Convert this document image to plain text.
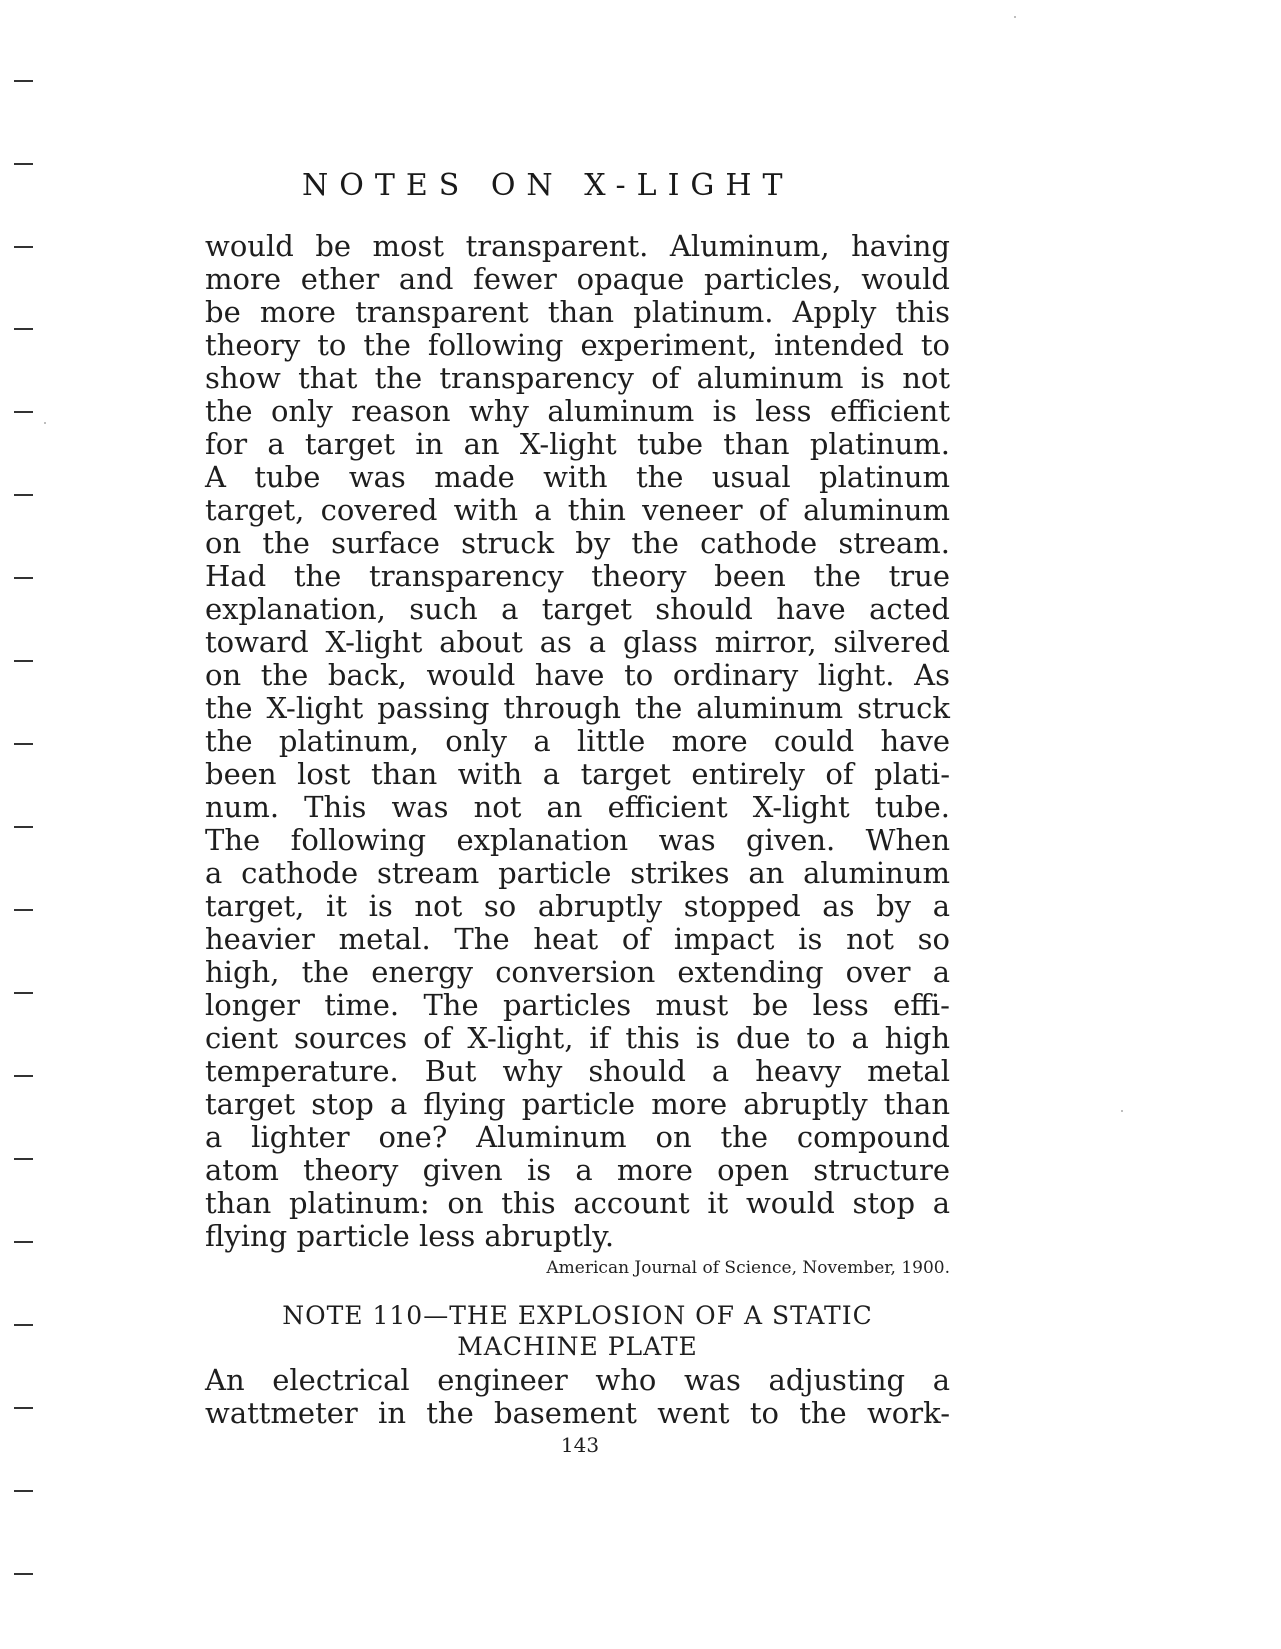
NOTES ON X-LIGHT
would be most transparent. Aluminum, having
more ether and fewer opaque particles, would
be more transparent than platinum. Apply this
theory to the following experiment, intended to
show that the transparency of aluminum is not
the only reason why aluminum is less efficient
for a target in an X-light tube than platinum.
A tube was made with the usual platinum
target, covered with a thin veneer of aluminum
on the surface struck by the cathode stream.
Had the transparency theory been the true
explanation, such a target should have acted
toward X-light about as a glass mirror, silvered
on the back, would have to ordinary light. As
the X-light passing through the aluminum struck
the platinum, only a little more could have
been lost than with a target entirely of plati-
num. This was not an efficient X-light tube.
The following explanation was given. When
a cathode stream particle strikes an aluminum
target, it is not so abruptly stopped as by a
heavier metal. The heat of impact is not so
high, the energy conversion extending over a
longer time. The particles must be less effi-
cient sources of X-light, if this is due to a high
temperature. But why should a heavy metal
target stop a flying particle more abruptly than
a lighter one? Aluminum on the compound
atom theory given is a more open structure
than platinum: on this account it would stop a
flying particle less abruptly.
American Journal of Science, November, 1900.
NOTE 110—THE EXPLOSION OF A STATIC
MACHINE PLATE
An electrical engineer who was adjusting a
wattmeter in the basement went to the work-
143
